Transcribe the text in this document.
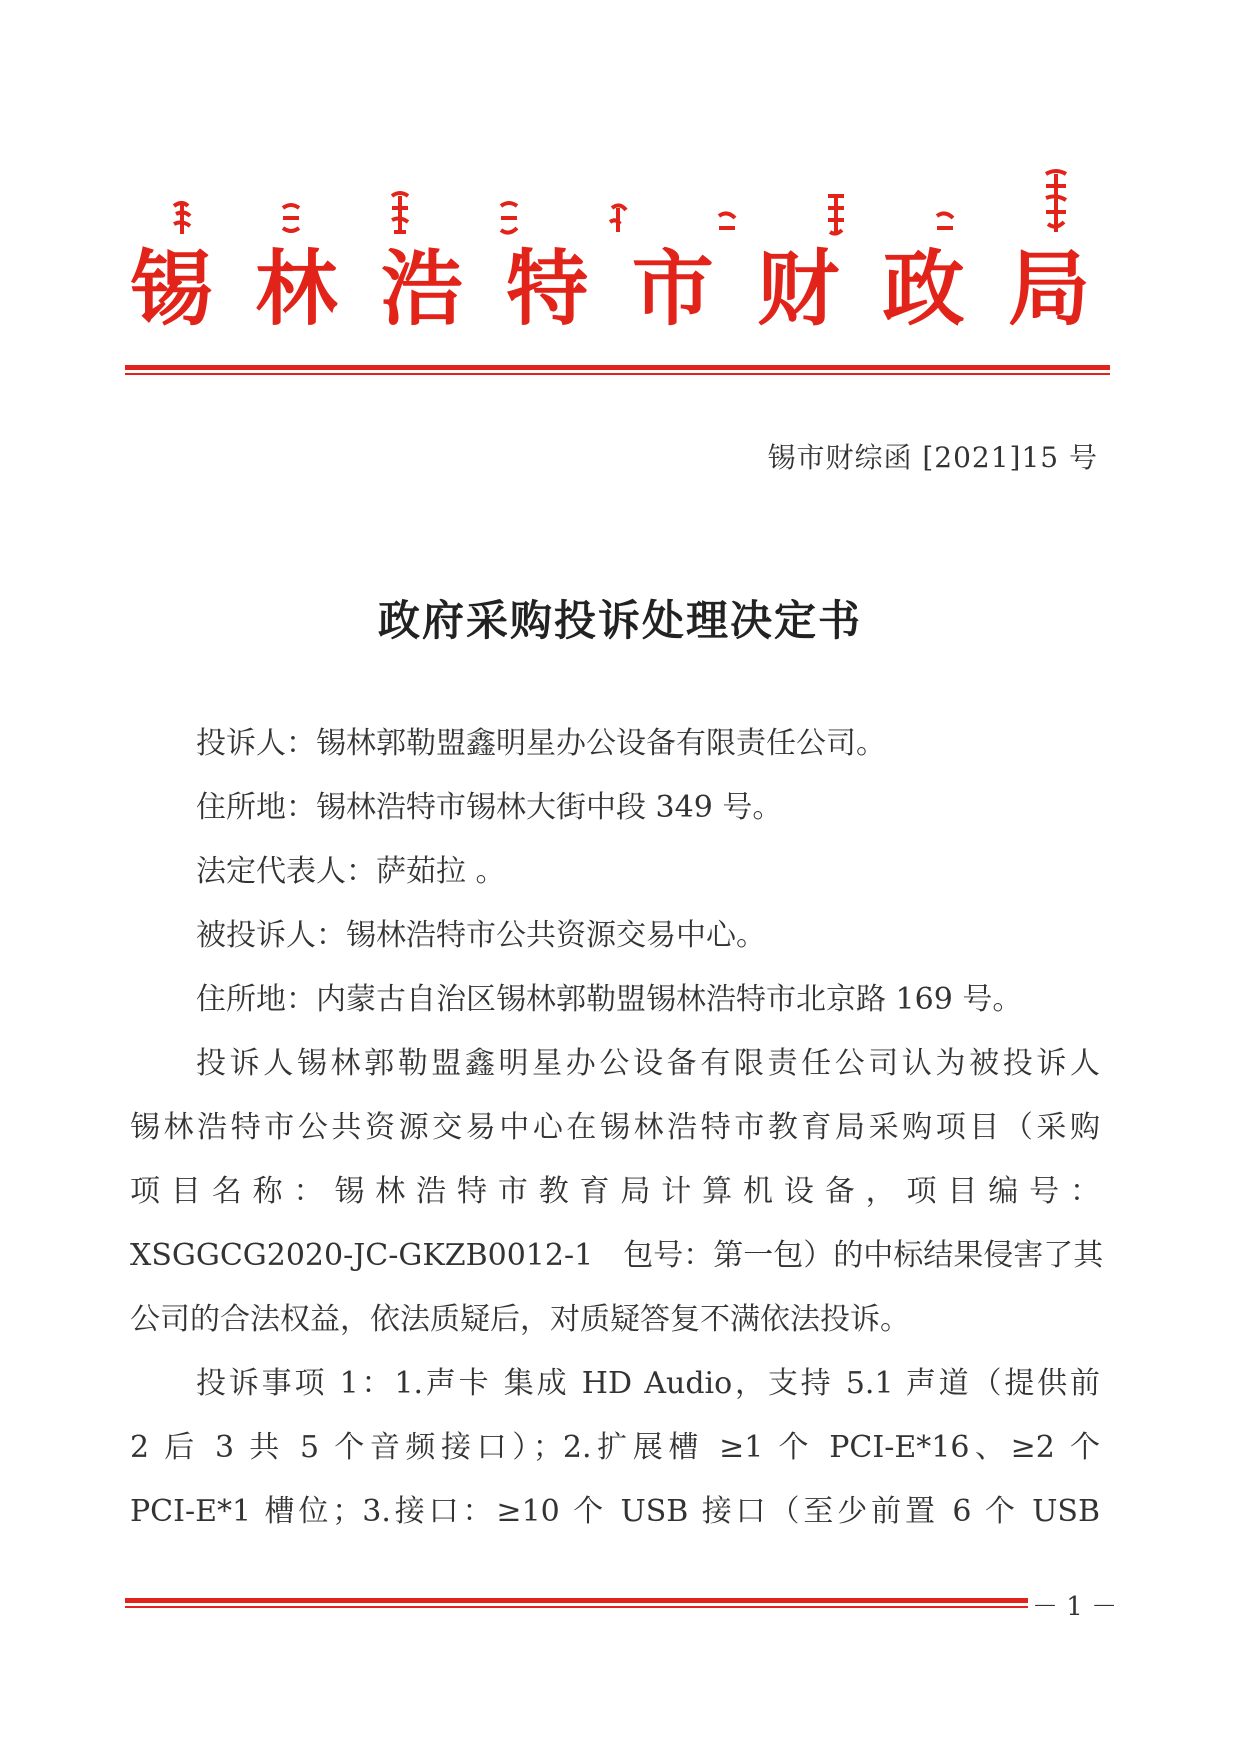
锡 林 浩 特 市 财 政 局
锡市财综函 [2021]15 号
政府采购投诉处理决定书

投诉人：锡林郭勒盟鑫明星办公设备有限责任公司。

住所地：锡林浩特市锡林大街中段 349 号。

法定代表人：萨茹拉 。

被投诉人：锡林浩特市公共资源交易中心。

住所地：内蒙古自治区锡林郭勒盟锡林浩特市北京路 169 号。

投诉人锡林郭勒盟鑫明星办公设备有限责任公司认为被投诉人

锡林浩特市公共资源交易中心在锡林浩特市教育局采购项目（采购

项 目 名 称 ： 锡 林 浩 特 市 教 育 局 计 算 机 设 备 ， 项 目 编 号 ：

XSGGCG2020-JC-GKZB0012-1　包号：第一包）的中标结果侵害了其

公司的合法权益，依法质疑后，对质疑答复不满依法投诉。

投诉事项 1：1.声卡 集成 HD Audio，支持 5.1 声道（提供前

2 后 3 共 5 个音频接口）；2.扩展槽 ≥1 个 PCI-E*16、≥2 个

PCI-E*1 槽位；3.接口：≥10 个 USB 接口（至少前置 6 个 USB

－ 1 －
